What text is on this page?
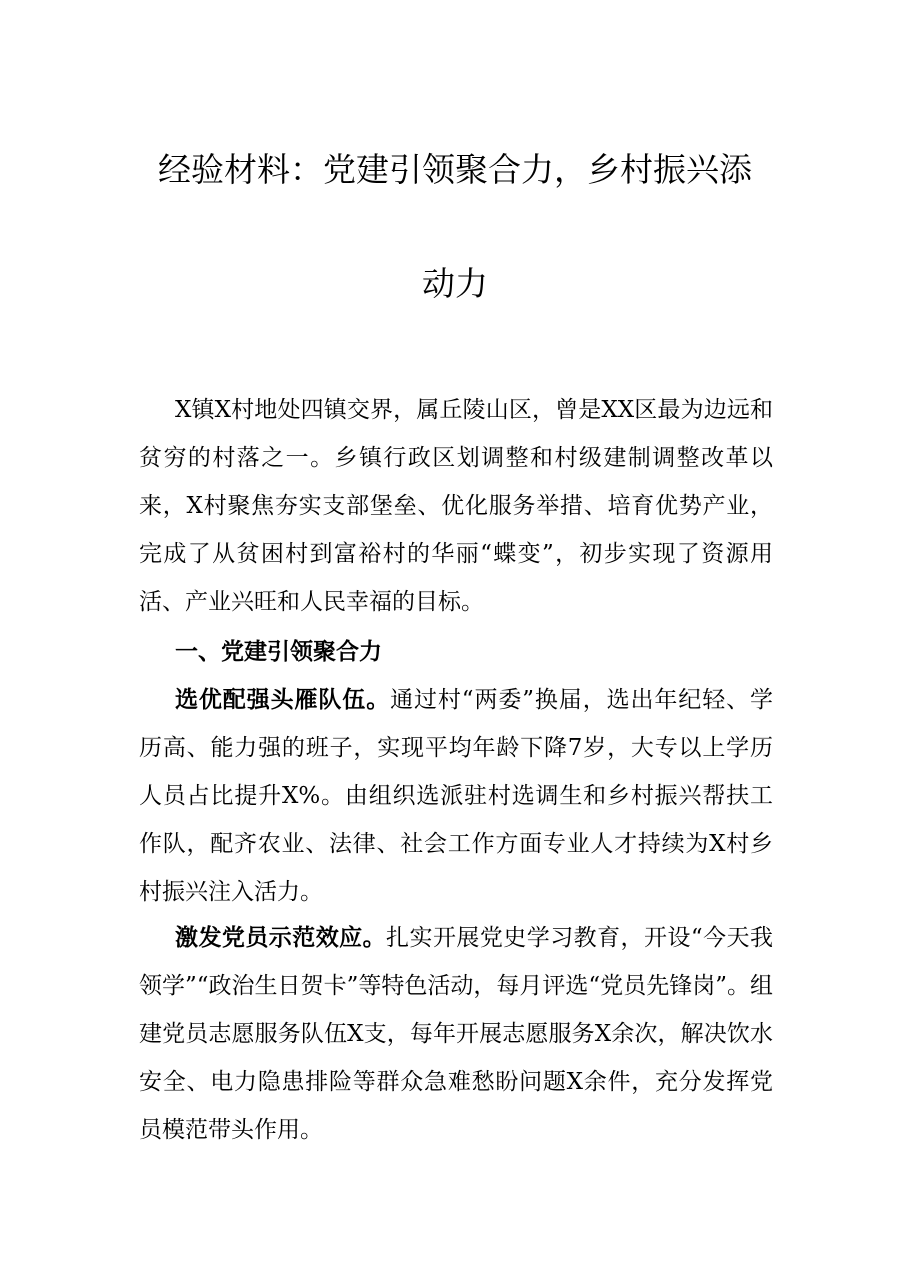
经验材料：党建引领聚合力，乡村振兴添
动力

X镇X村地处四镇交界，属丘陵山区，曾是XX区最为边远和贫穷的村落之一。乡镇行政区划调整和村级建制调整改革以来，X村聚焦夯实支部堡垒、优化服务举措、培育优势产业，完成了从贫困村到富裕村的华丽“蝶变”，初步实现了资源用活、产业兴旺和人民幸福的目标。

一、党建引领聚合力

选优配强头雁队伍。通过村“两委”换届，选出年纪轻、学历高、能力强的班子，实现平均年龄下降7岁，大专以上学历人员占比提升X%。由组织选派驻村选调生和乡村振兴帮扶工作队，配齐农业、法律、社会工作方面专业人才持续为X村乡村振兴注入活力。

激发党员示范效应。扎实开展党史学习教育，开设“今天我领学”“政治生日贺卡”等特色活动，每月评选“党员先锋岗”。组建党员志愿服务队伍X支，每年开展志愿服务X余次，解决饮水安全、电力隐患排险等群众急难愁盼问题X余件，充分发挥党员模范带头作用。
